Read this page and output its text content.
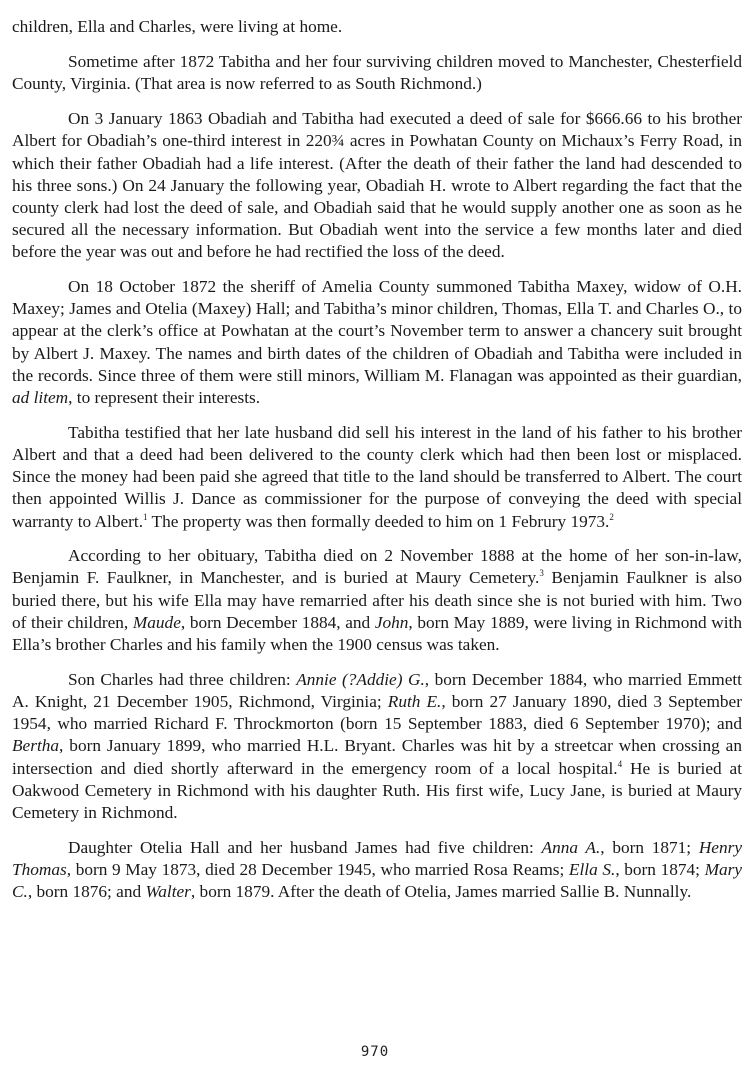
children, Ella and Charles, were living at home.

Sometime after 1872 Tabitha and her four surviving children moved to Manchester, Chesterfield County, Virginia. (That area is now referred to as South Richmond.)

On 3 January 1863 Obadiah and Tabitha had executed a deed of sale for $666.66 to his brother Albert for Obadiah’s one-third interest in 220¾ acres in Powhatan County on Michaux’s Ferry Road, in which their father Obadiah had a life interest. (After the death of their father the land had descended to his three sons.) On 24 January the following year, Obadiah H. wrote to Albert regarding the fact that the county clerk had lost the deed of sale, and Obadiah said that he would supply another one as soon as he secured all the necessary information. But Obadiah went into the service a few months later and died before the year was out and before he had rectified the loss of the deed.

On 18 October 1872 the sheriff of Amelia County summoned Tabitha Maxey, widow of O.H. Maxey; James and Otelia (Maxey) Hall; and Tabitha’s minor children, Thomas, Ella T. and Charles O., to appear at the clerk’s office at Powhatan at the court’s November term to answer a chancery suit brought by Albert J. Maxey. The names and birth dates of the children of Obadiah and Tabitha were included in the records. Since three of them were still minors, William M. Flanagan was appointed as their guardian, ad litem, to represent their interests.

Tabitha testified that her late husband did sell his interest in the land of his father to his brother Albert and that a deed had been delivered to the county clerk which had then been lost or misplaced. Since the money had been paid she agreed that title to the land should be transferred to Albert. The court then appointed Willis J. Dance as commissioner for the purpose of conveying the deed with special warranty to Albert.$^1$ The property was then formally deeded to him on 1 Februry 1973.$^2$

According to her obituary, Tabitha died on 2 November 1888 at the home of her son-in-law, Benjamin F. Faulkner, in Manchester, and is buried at Maury Cemetery.$^3$ Benjamin Faulkner is also buried there, but his wife Ella may have remarried after his death since she is not buried with him. Two of their children, Maude, born December 1884, and John, born May 1889, were living in Richmond with Ella’s brother Charles and his family when the 1900 census was taken.

Son Charles had three children: Annie (?Addie) G., born December 1884, who married Emmett A. Knight, 21 December 1905, Richmond, Virginia; Ruth E., born 27 January 1890, died 3 September 1954, who married Richard F. Throckmorton (born 15 September 1883, died 6 September 1970); and Bertha, born January 1899, who married H.L. Bryant. Charles was hit by a streetcar when crossing an intersection and died shortly afterward in the emergency room of a local hospital.$^4$ He is buried at Oakwood Cemetery in Richmond with his daughter Ruth. His first wife, Lucy Jane, is buried at Maury Cemetery in Richmond.

Daughter Otelia Hall and her husband James had five children: Anna A., born 1871; Henry Thomas, born 9 May 1873, died 28 December 1945, who married Rosa Reams; Ella S., born 1874; Mary C., born 1876; and Walter, born 1879. After the death of Otelia, James married Sallie B. Nunnally.

970
